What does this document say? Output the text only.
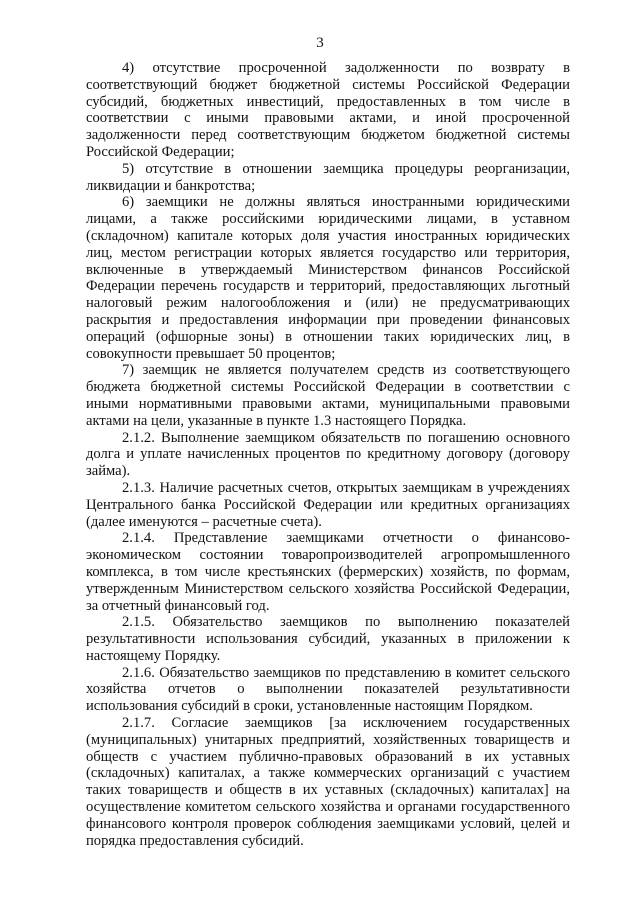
3

4) отсутствие просроченной задолженности по возврату в соответствующий бюджет бюджетной системы Российской Федерации субсидий, бюджетных инвестиций, предоставленных в том числе в соответствии с иными правовыми актами, и иной просроченной задолженности перед соответствующим бюджетом бюджетной системы Российской Федерации;

5) отсутствие в отношении заемщика процедуры реорганизации, ликвидации и банкротства;

6) заемщики не должны являться иностранными юридическими лицами, а также российскими юридическими лицами, в уставном (складочном) капитале которых доля участия иностранных юридических лиц, местом регистрации которых является государство или территория, включенные в утверждаемый Министерством финансов Российской Федерации перечень государств и территорий, предоставляющих льготный налоговый режим налогообложения и (или) не предусматривающих раскрытия и предоставления информации при проведении финансовых операций (офшорные зоны) в отношении таких юридических лиц, в совокупности превышает 50 процентов;

7) заемщик не является получателем средств из соответствующего бюджета бюджетной системы Российской Федерации в соответствии с иными нормативными правовыми актами, муниципальными правовыми актами на цели, указанные в пункте 1.3 настоящего Порядка.

2.1.2. Выполнение заемщиком обязательств по погашению основного долга и уплате начисленных процентов по кредитному договору (договору займа).

2.1.3. Наличие расчетных счетов, открытых заемщикам в учреждениях Центрального банка Российской Федерации или кредитных организациях (далее именуются – расчетные счета).

2.1.4. Представление заемщиками отчетности о финансово-экономическом состоянии товаропроизводителей агропромышленного комплекса, в том числе крестьянских (фермерских) хозяйств, по формам, утвержденным Министерством сельского хозяйства Российской Федерации, за отчетный финансовый год.

2.1.5. Обязательство заемщиков по выполнению показателей результативности использования субсидий, указанных в приложении к настоящему Порядку.

2.1.6. Обязательство заемщиков по представлению в комитет сельского хозяйства отчетов о выполнении показателей результативности использования субсидий в сроки, установленные настоящим Порядком.

2.1.7. Согласие заемщиков [за исключением государственных (муниципальных) унитарных предприятий, хозяйственных товариществ и обществ с участием публично-правовых образований в их уставных (складочных) капиталах, а также коммерческих организаций с участием таких товариществ и обществ в их уставных (складочных) капиталах] на осуществление комитетом сельского хозяйства и органами государственного финансового контроля проверок соблюдения заемщиками условий, целей и порядка предоставления субсидий.
